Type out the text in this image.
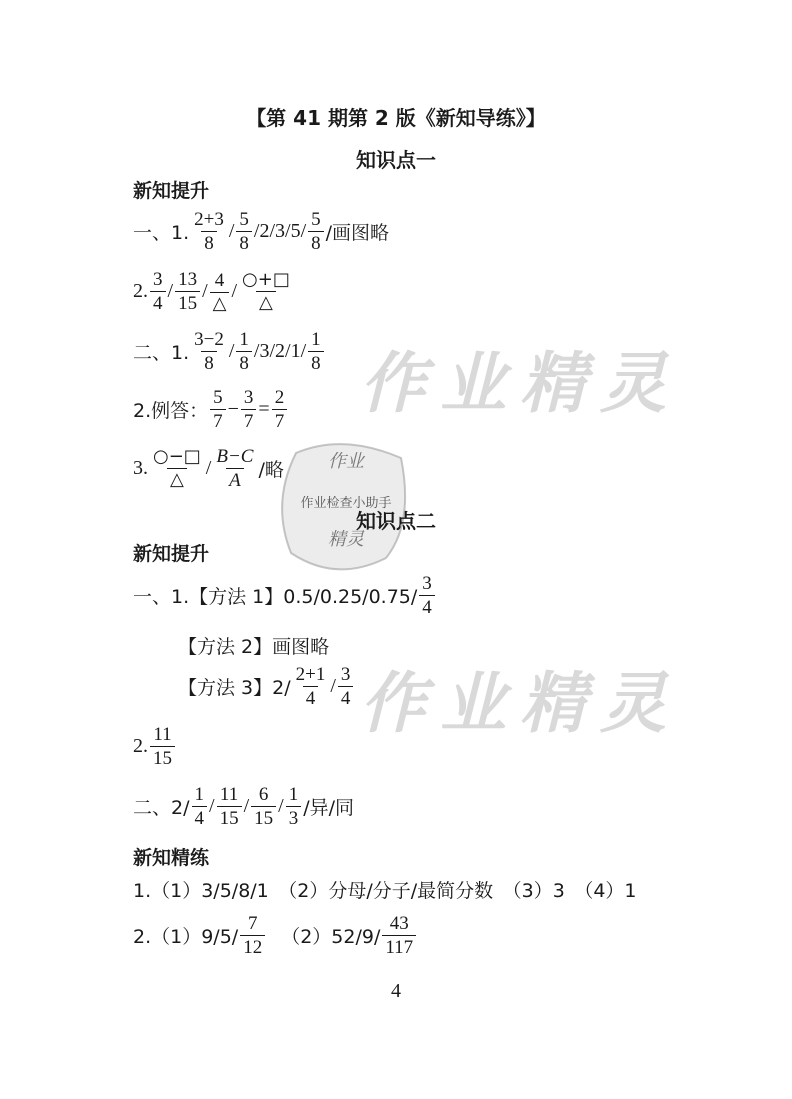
作业精灵
作业精灵
作业
作业检查小助手
精灵
【第 41 期第 2 版《新知导练》】
知识点一
新知提升
一、1. $\frac{2+3}{8} / \frac{5}{8} /2/3/5/ \frac{5}{8}$ /画图略
2. $\frac{3}{4} / \frac{13}{15} / \frac{4}{\triangle} / \frac{○+□}{\triangle}$
二、1. $\frac{3-2}{8} / \frac{1}{8} /3/2/1/ \frac{1}{8}$
2.例答： $\frac{5}{7} - \frac{3}{7} = \frac{2}{7}$
3. $\frac{○-□}{\triangle} / \frac{B-C}{A}$ /略
知识点二
新知提升
一、1.【方法 1】$0.5/0.25/0.75/ \frac{3}{4}$
【方法 2】画图略
【方法 3】$2/ \frac{2+1}{4} / \frac{3}{4}$
2. $\frac{11}{15}$
二、$2/ \frac{1}{4} / \frac{11}{15} / \frac{6}{15} / \frac{1}{3}$ /异/同
新知精练
1.（1）3/5/8/1　（2）分母/分子/最简分数　（3）3　（4）1
$2.(1)9/5/ \frac{7}{12} (2)52/9/ \frac{43}{117}$
4
